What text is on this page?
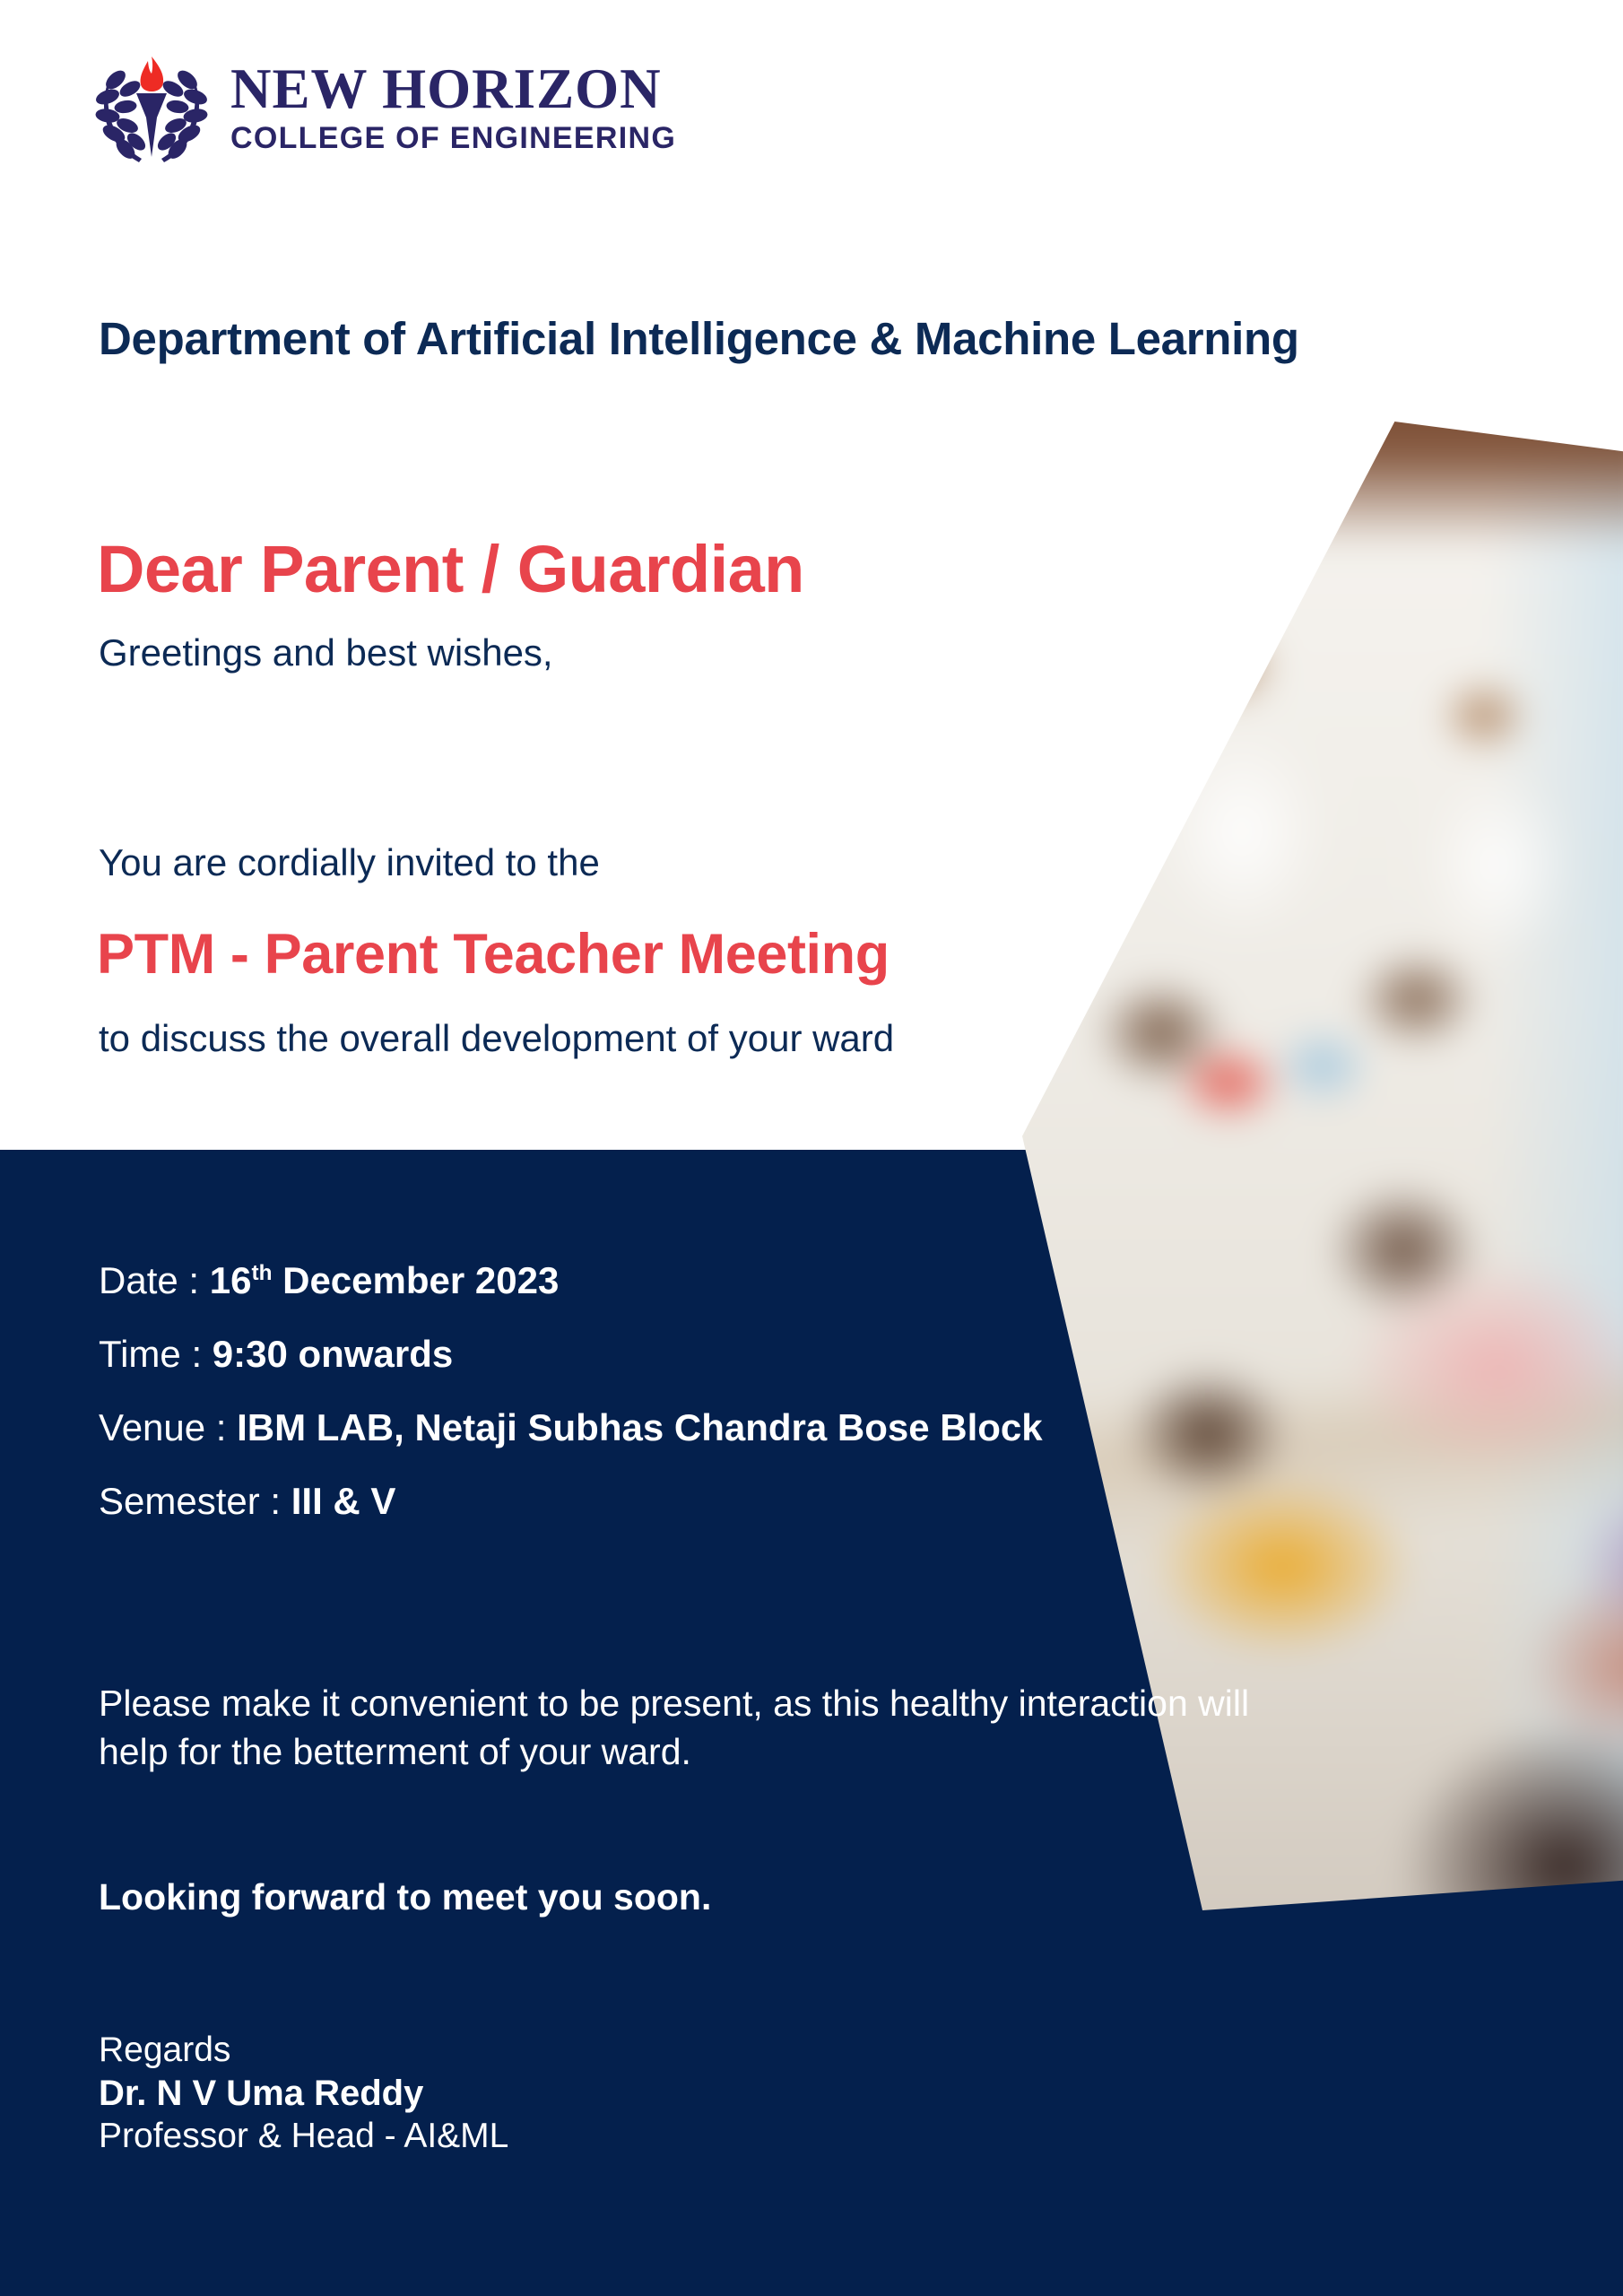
NEW HORIZON
COLLEGE OF ENGINEERING
Department of Artificial Intelligence & Machine Learning
Dear Parent / Guardian
Greetings and best wishes,
You are cordially invited to the
PTM - Parent Teacher Meeting
to discuss the overall development of your ward
Date : 16th December 2023
Time : 9:30 onwards
Venue : IBM LAB, Netaji Subhas Chandra Bose Block
Semester : III & V
Please make it convenient to be present, as this healthy interaction will help for the betterment of your ward.
Looking forward to meet you soon.
Regards
Dr. N V Uma Reddy
Professor & Head - AI&ML
